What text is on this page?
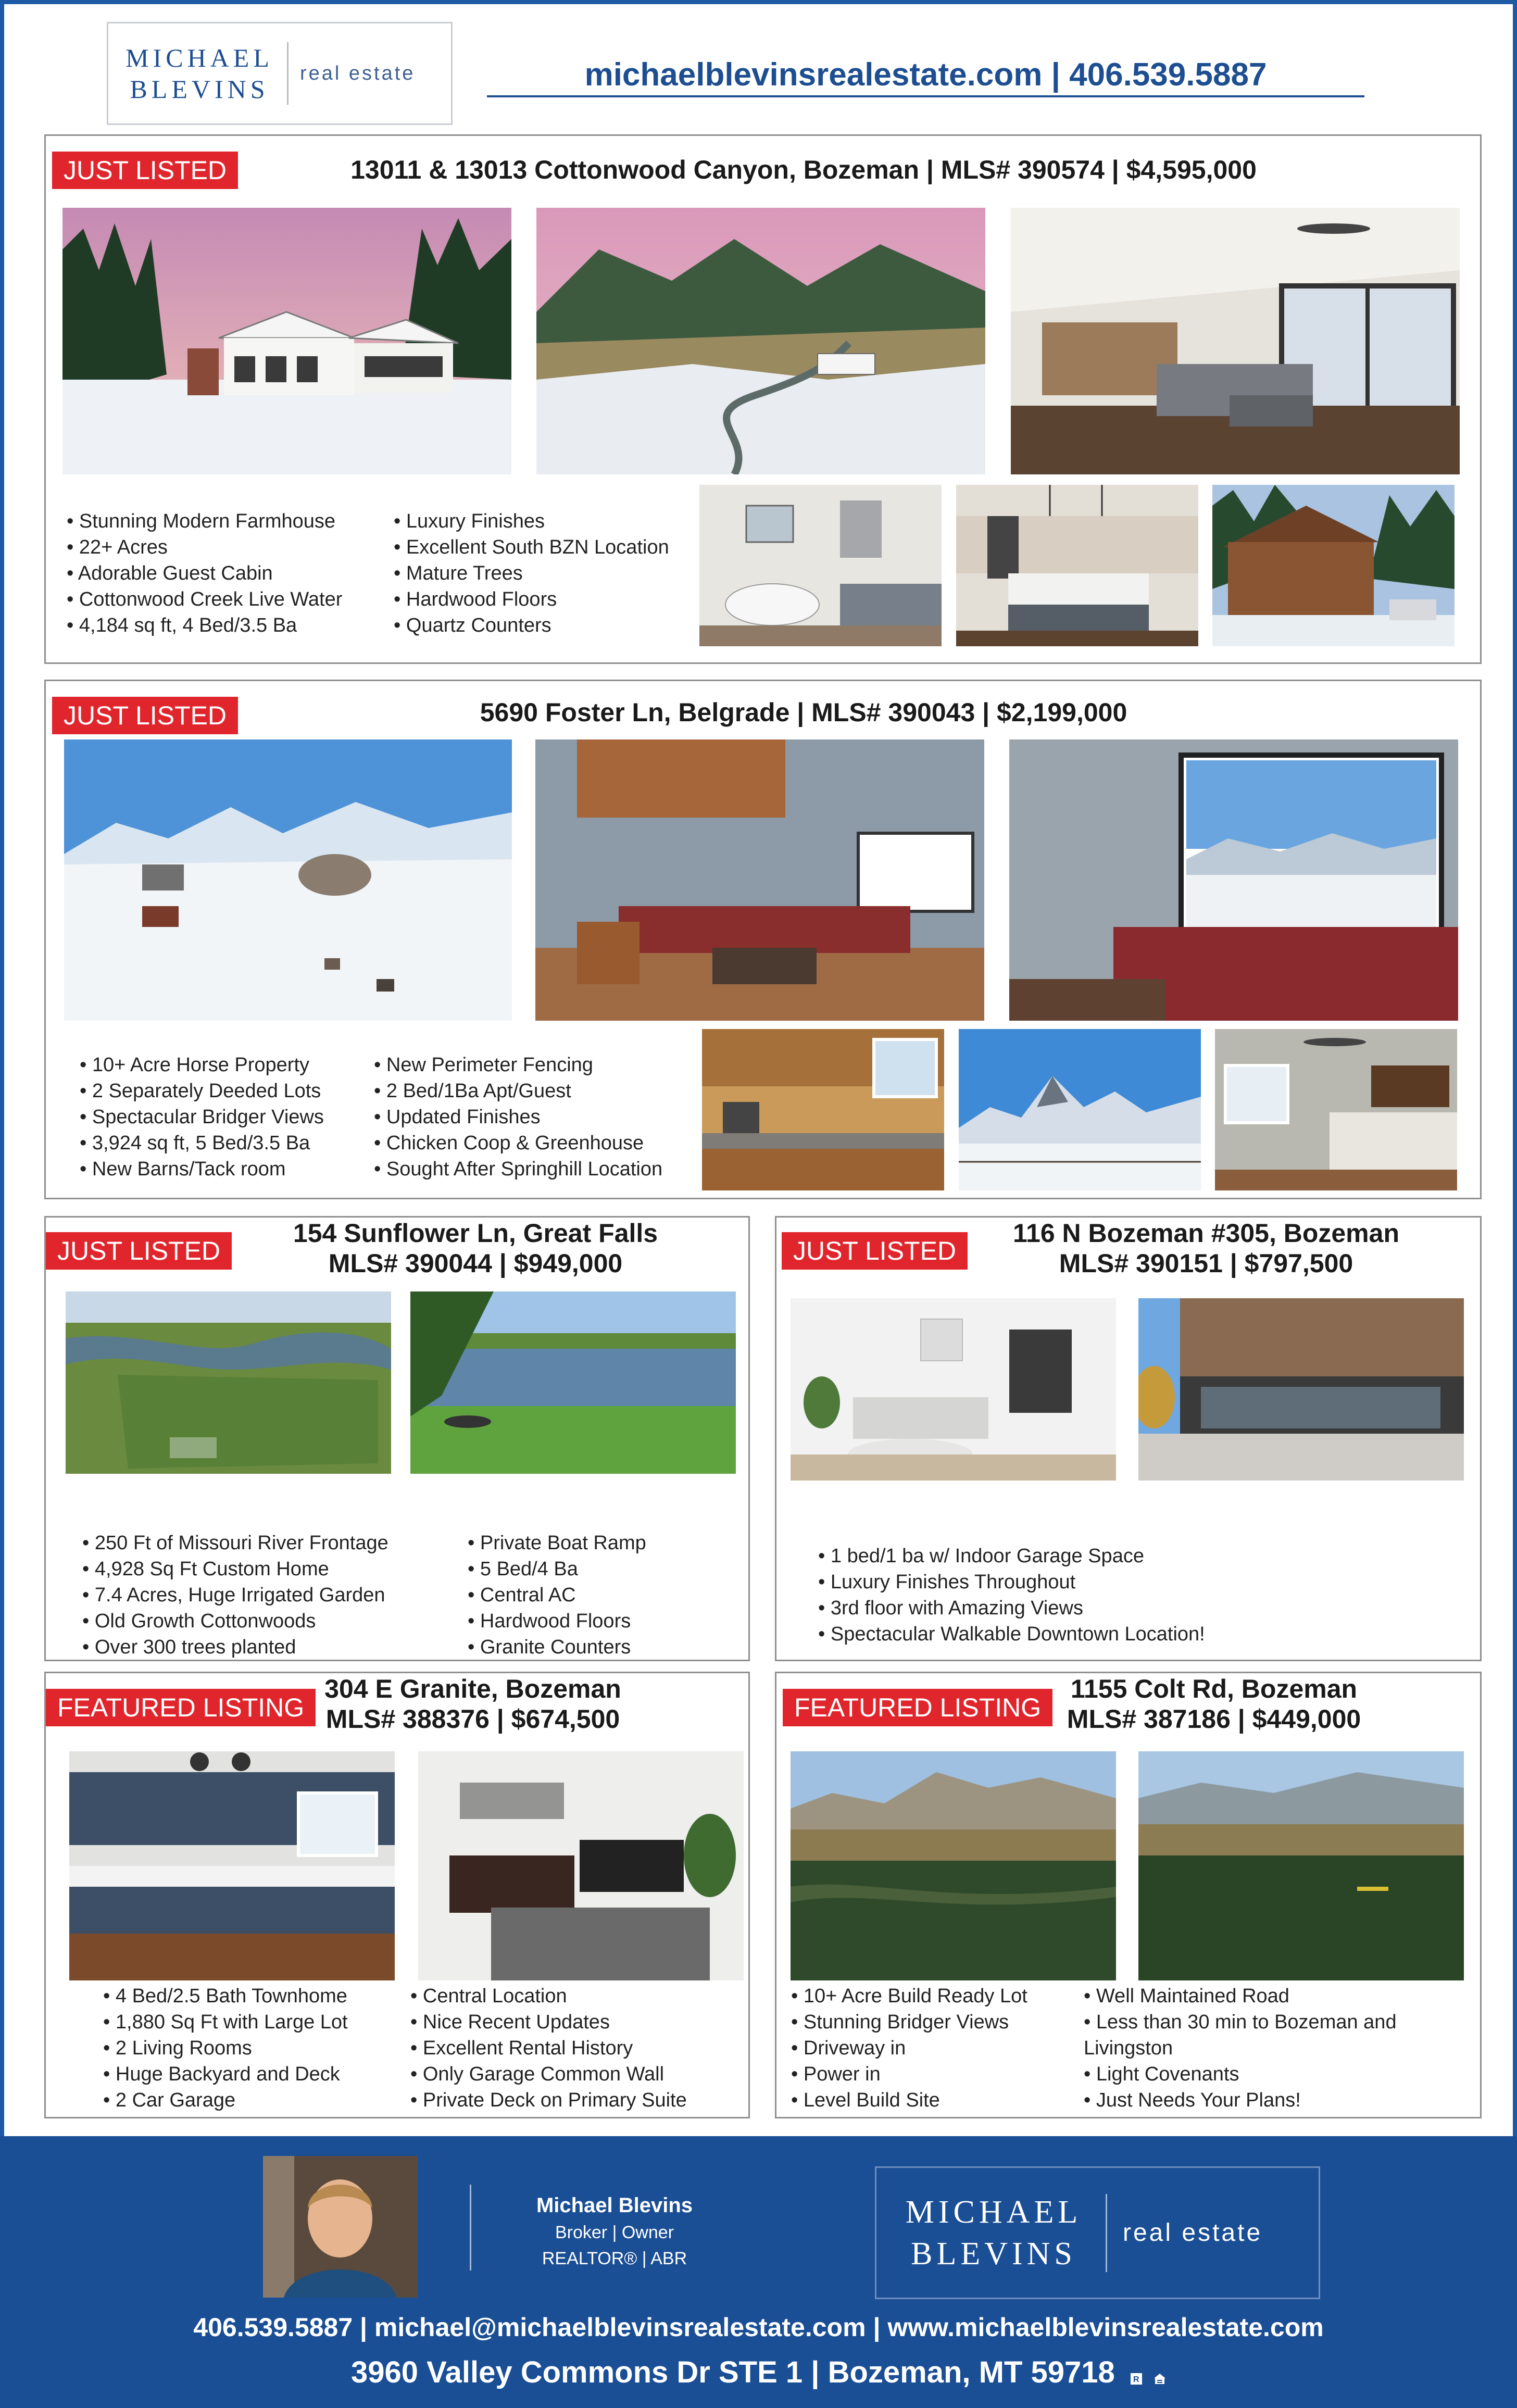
MICHAEL BLEVINS
real estate	michaelblevinsrealestate.com | 406.539.5887
JUST LISTED	13011 & 13013 Cottonwood Canyon, Bozeman | MLS# 390574 | $4,595,000
• Stunning Modern Farmhouse
• 22+ Acres
• Adorable Guest Cabin
• Cottonwood Creek Live Water
• 4,184 sq ft, 4 Bed/3.5 Ba
• Luxury Finishes
• Excellent South BZN Location
• Mature Trees
• Hardwood Floors
• Quartz Counters
JUST LISTED	5690 Foster Ln, Belgrade | MLS# 390043 | $2,199,000
• 10+ Acre Horse Property
• 2 Separately Deeded Lots
• Spectacular Bridger Views
• 3,924 sq ft, 5 Bed/3.5 Ba
• New Barns/Tack room
• New Perimeter Fencing
• 2 Bed/1Ba Apt/Guest
• Updated Finishes
• Chicken Coop & Greenhouse
• Sought After Springhill Location
JUST LISTED
154 Sunflower Ln, Great Falls
MLS# 390044 | $949,000
• 250 Ft of Missouri River Frontage
• 4,928 Sq Ft Custom Home
• 7.4 Acres, Huge Irrigated Garden
• Old Growth Cottonwoods
• Over 300 trees planted
• Private Boat Ramp
• 5 Bed/4 Ba
• Central AC
• Hardwood Floors
• Granite Counters
JUST LISTED
116 N Bozeman #305, Bozeman
MLS# 390151 | $797,500
• 1 bed/1 ba w/ Indoor Garage Space
• Luxury Finishes Throughout
• 3rd floor with Amazing Views
• Spectacular Walkable Downtown Location!
FEATURED LISTING
304 E Granite, Bozeman
MLS# 388376 | $674,500
• 4 Bed/2.5 Bath Townhome
• 1,880 Sq Ft with Large Lot
• 2 Living Rooms
• Huge Backyard and Deck
• 2 Car Garage
• Central Location
• Nice Recent Updates
• Excellent Rental History
• Only Garage Common Wall
• Private Deck on Primary Suite
FEATURED LISTING
1155 Colt Rd, Bozeman
MLS# 387186 | $449,000
• 10+ Acre Build Ready Lot
• Stunning Bridger Views
• Driveway in
• Power in
• Level Build Site
• Well Maintained Road
• Less than 30 min to Bozeman and Livingston
• Light Covenants
• Just Needs Your Plans!
Michael Blevins
Broker | Owner
REALTOR® | ABR
MICHAEL BLEVINS
real estate
406.539.5887 | michael@michaelblevinsrealestate.com | www.michaelblevinsrealestate.com
3960 Valley Commons Dr STE 1 | Bozeman, MT 59718 R
